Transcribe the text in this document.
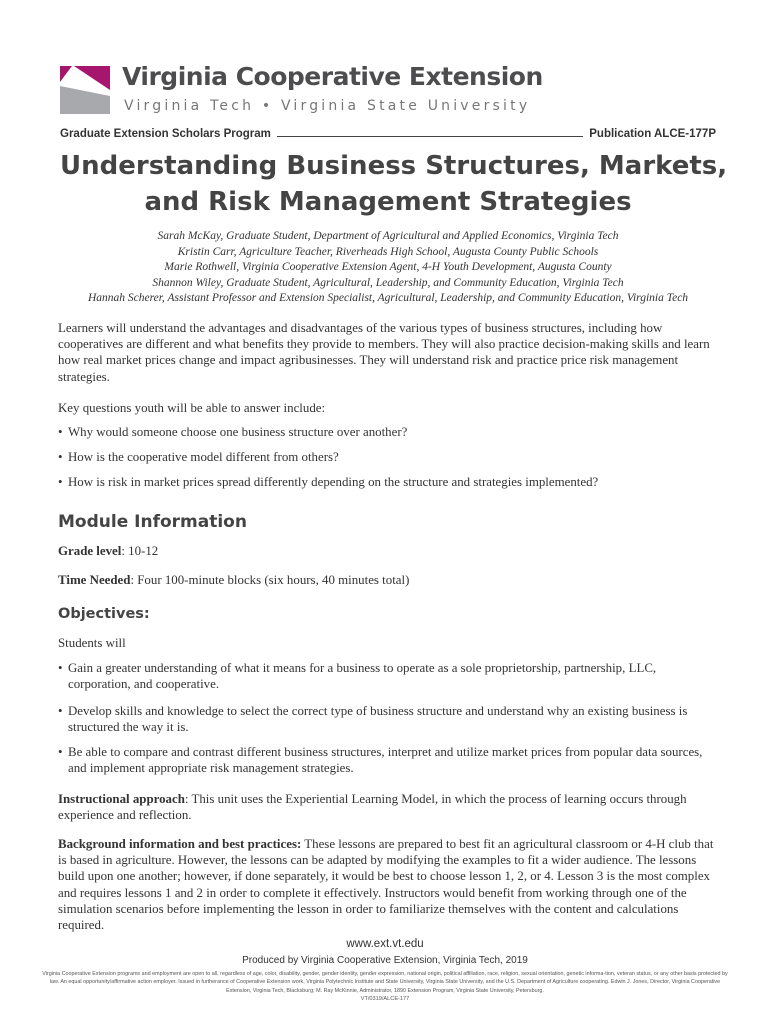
Virginia Cooperative Extension
Virginia Tech • Virginia State University
Graduate Extension Scholars Program	Publication ALCE-177P
Understanding Business Structures, Markets,
and Risk Management Strategies
Sarah McKay, Graduate Student, Department of Agricultural and Applied Economics, Virginia Tech
Kristin Carr, Agriculture Teacher, Riverheads High School, Augusta County Public Schools
Marie Rothwell, Virginia Cooperative Extension Agent, 4-H Youth Development, Augusta County
Shannon Wiley, Graduate Student, Agricultural, Leadership, and Community Education, Virginia Tech
Hannah Scherer, Assistant Professor and Extension Specialist, Agricultural, Leadership, and Community Education, Virginia Tech
Learners will understand the advantages and disadvantages of the various types of business structures, including how cooperatives are different and what benefits they provide to members. They will also practice decision-making skills and learn how real market prices change and impact agribusinesses. They will understand risk and practice price risk management strategies.
Key questions youth will be able to answer include:
• Why would someone choose one business structure over another?
• How is the cooperative model different from others?
• How is risk in market prices spread differently depending on the structure and strategies implemented?
Module Information
Grade level: 10-12
Time Needed: Four 100-minute blocks (six hours, 40 minutes total)
Objectives:
Students will
• Gain a greater understanding of what it means for a business to operate as a sole proprietorship, partnership, LLC, corporation, and cooperative.
• Develop skills and knowledge to select the correct type of business structure and understand why an existing business is structured the way it is.
• Be able to compare and contrast different business structures, interpret and utilize market prices from popular data sources, and implement appropriate risk management strategies.
Instructional approach: This unit uses the Experiential Learning Model, in which the process of learning occurs through experience and reflection.
Background information and best practices: These lessons are prepared to best fit an agricultural classroom or 4-H club that is based in agriculture. However, the lessons can be adapted by modifying the examples to fit a wider audience. The lessons build upon one another; however, if done separately, it would be best to choose lesson 1, 2, or 4. Lesson 3 is the most complex and requires lessons 1 and 2 in order to complete it effectively. Instructors would benefit from working through one of the simulation scenarios before implementing the lesson in order to familiarize themselves with the content and calculations required.
www.ext.vt.edu
Produced by Virginia Cooperative Extension, Virginia Tech, 2019
Virginia Cooperative Extension programs and employment are open to all, regardless of age, color, disability, gender, gender identity, gender expression, national origin, political affiliation, race, religion, sexual orientation, genetic informa-tion, veteran status, or any other basis protected by law. An equal opportunity/affirmative action employer. Issued in furtherance of Cooperative Extension work, Virginia Polytechnic Institute and State University, Virginia State University, and the U.S. Department of Agriculture cooperating. Edwin J. Jones, Director, Virginia Cooperative Extension, Virginia Tech, Blacksburg; M. Ray McKinnie, Administrator, 1890 Extension Program, Virginia State University, Petersburg.
VT/0319/ALCE-177
